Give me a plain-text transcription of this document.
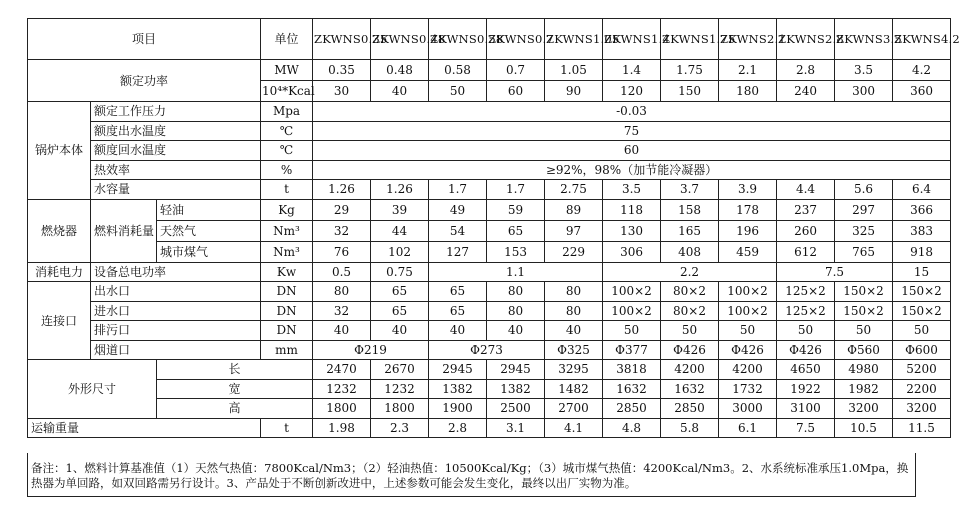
项目			单位	ZKWNS0.35	ZKWNS0.48	ZKWNS0.58	ZKWNS0.7	ZKWNS1.05	ZKWNS1.4	ZKWNS1.75	ZKWNS2.1	ZKWNS2.8	ZKWNS3.5	ZKWNS4.2
额定功率			MW	0.35	0.48	0.58	0.7	1.05	1.4	1.75	2.1	2.8	3.5	4.2
			10⁴*Kcal	30	40	50	60	90	120	150	180	240	300	360
锅炉本体	额定工作压力		Mpa	-0.03										
	额度出水温度		℃	75										
	额度回水温度		℃	60										
	热效率		%	≥92%，98%（加节能冷凝器）										
	水容量		t	1.26	1.26	1.7	1.7	2.75	3.5	3.7	3.9	4.4	5.6	6.4
燃烧器	燃料消耗量	轻油	Kg	29	39	49	59	89	118	158	178	237	297	366
		天然气	Nm³	32	44	54	65	97	130	165	196	260	325	383
		城市煤气	Nm³	76	102	127	153	229	306	408	459	612	765	918
消耗电力	设备总电功率		Kw	0.5	0.75	1.1			2.2			7.5		15
连接口	出水口		DN	80	65	65	80	80	100×2	80×2	100×2	125×2	150×2	150×2
	进水口		DN	32	65	65	80	80	100×2	80×2	100×2	125×2	150×2	150×2
	排污口		DN	40	40	40	40	40	50	50	50	50	50	50
	烟道口		mm	Φ219		Φ273		Φ325	Φ377	Φ426	Φ426	Φ426	Φ560	Φ600
外形尺寸		长		2470	2670	2945	2945	3295	3818	4200	4200	4650	4980	5200
		宽		1232	1232	1382	1382	1482	1632	1632	1732	1922	1982	2200
		高		1800	1800	1900	2500	2700	2850	2850	3000	3100	3200	3200
运输重量			t	1.98	2.3	2.8	3.1	4.1	4.8	5.8	6.1	7.5	10.5	11.5
备注：1、燃料计算基准值（1）天然气热值：7800Kcal/Nm3；（2）轻油热值：10500Kcal/Kg；（3）城市煤气热值：4200Kcal/Nm3。2、水系统标准承压1.0Mpa，换热器为单回路，如双回路需另行设计。3、产品处于不断创新改进中，上述参数可能会发生变化，最终以出厂实物为准。
